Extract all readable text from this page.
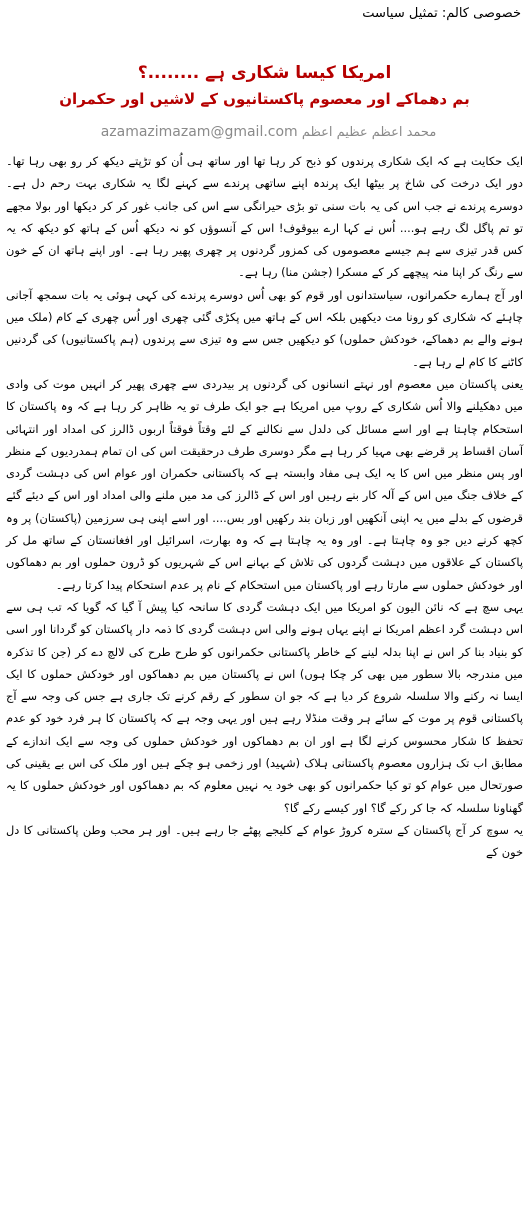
خصوصی کالم: تمثیل سیاست
امریکا کیسا شکاری ہے ........؟
بم دھماکے اور معصوم پاکستانیوں کے لاشیں اور حکمران
محمد اعظم عظیم اعظم azamazimazam@gmail.com

ایک حکایت ہے کہ ایک شکاری پرندوں کو ذبح کر رہا تھا اور ساتھ ہی اُن کو تڑپتے دیکھ کر رو بھی رہا تھا۔ دور ایک درخت کی شاخ پر بیٹھا ایک پرندہ اپنے ساتھی پرندے سے کہنے لگا یہ شکاری بہت رحم دل ہے۔ دوسرے پرندے نے جب اس کی یہ بات سنی تو بڑی حیرانگی سے اس کی جانب غور کر کر دیکھا اور بولا مجھے تو تم پاگل لگ رہے ہو.... اُس نے کہا ارے بیوقوف! اس کے آنسوؤں کو نہ دیکھ اُس کے ہاتھ کو دیکھ کہ یہ کس قدر تیزی سے ہم جیسے معصوموں کی کمزور گردنوں پر چھری پھیر رہا ہے۔ اور اپنے ہاتھ ان کے خون سے رنگ کر اپنا منہ پیچھے کر کے مسکرا (جشن منا) رہا ہے۔

اور آج ہمارے حکمرانوں، سیاستدانوں اور قوم کو بھی اُس دوسرے پرندے کی کہی ہوئی یہ بات سمجھ آجانی چاہئے کہ شکاری کو رونا مت دیکھیں بلکہ اس کے ہاتھ میں پکڑی گئی چھری اور اُس چھری کے کام (ملک میں ہونے والے بم دھماکے، خودکش حملوں) کو دیکھیں جس سے وہ تیزی سے پرندوں (ہم پاکستانیوں) کی گردنیں کاٹنے کا کام لے رہا ہے۔

یعنی پاکستان میں معصوم اور نہتے انسانوں کی گردنوں پر بیدردی سے چھری پھیر کر انہیں موت کی وادی میں دھکیلنے والا اُس شکاری کے روپ میں امریکا ہے جو ایک طرف تو یہ ظاہر کر رہا ہے کہ وہ پاکستان کا استحکام چاہتا ہے اور اسے مسائل کی دلدل سے نکالنے کے لئے وقتاً فوقتاً اربوں ڈالرز کی امداد اور انتہائی آسان اقساط پر قرضے بھی مہیا کر رہا ہے مگر دوسری طرف درحقیقت اس کی ان تمام ہمدردیوں کے منظر اور پس منظر میں اس کا یہ ایک ہی مفاد وابستہ ہے کہ پاکستانی حکمران اور عوام اس کی دہشت گردی کے خلاف جنگ میں اس کے آلہ کار بنے رہیں اور اس کے ڈالرز کی مد میں ملنے والی امداد اور اس کے دیئے گئے قرضوں کے بدلے میں یہ اپنی آنکھیں اور زبان بند رکھیں اور بس.... اور اسے اپنی ہی سرزمین (پاکستان) پر وہ کچھ کرنے دیں جو وہ چاہتا ہے۔ اور وہ یہ چاہتا ہے کہ وہ بھارت، اسرائیل اور افغانستان کے ساتھ مل کر پاکستان کے علاقوں میں دہشت گردوں کی تلاش کے بہانے اس کے شہریوں کو ڈرون حملوں اور بم دھماکوں اور خودکش حملوں سے مارتا رہے اور پاکستان میں استحکام کے نام پر عدم استحکام پیدا کرتا رہے۔

یہی سچ ہے کہ نائن الیون کو امریکا میں ایک دہشت گردی کا سانحہ کیا پیش آ گیا کہ گویا کہ تب ہی سے اس دہشت گرد اعظم امریکا نے اپنے یہاں ہونے والی اس دہشت گردی کا ذمہ دار پاکستان کو گردانا اور اسی کو بنیاد بنا کر اس نے اپنا بدلہ لینے کے خاطر پاکستانی حکمرانوں کو طرح طرح کی لالچ دے کر (جن کا تذکرہ میں مندرجہ بالا سطور میں بھی کر چکا ہوں) اس نے پاکستان میں بم دھماکوں اور خودکش حملوں کا ایک ایسا نہ رکنے والا سلسلہ شروع کر دیا ہے کہ جو ان سطور کے رقم کرنے تک جاری ہے جس کی وجہ سے آج پاکستانی قوم پر موت کے سائے ہر وقت منڈلا رہے ہیں اور یہی وجہ ہے کہ پاکستان کا ہر فرد خود کو عدم تحفظ کا شکار محسوس کرنے لگا ہے اور ان بم دھماکوں اور خودکش حملوں کی وجہ سے ایک اندازے کے مطابق اب تک ہزاروں معصوم پاکستانی ہلاک (شہید) اور زخمی ہو چکے ہیں اور ملک کی اس بے یقینی کی صورتحال میں عوام کو تو کیا حکمرانوں کو بھی خود یہ نہیں معلوم کہ بم دھماکوں اور خودکش حملوں کا یہ گھناونا سلسلہ کہ جا کر رکے گا؟ اور کیسے رکے گا؟

یہ سوچ کر آج پاکستان کے سترہ کروڑ عوام کے کلیجے پھٹے جا رہے ہیں۔ اور ہر محب وطن پاکستانی کا دل خون کے
